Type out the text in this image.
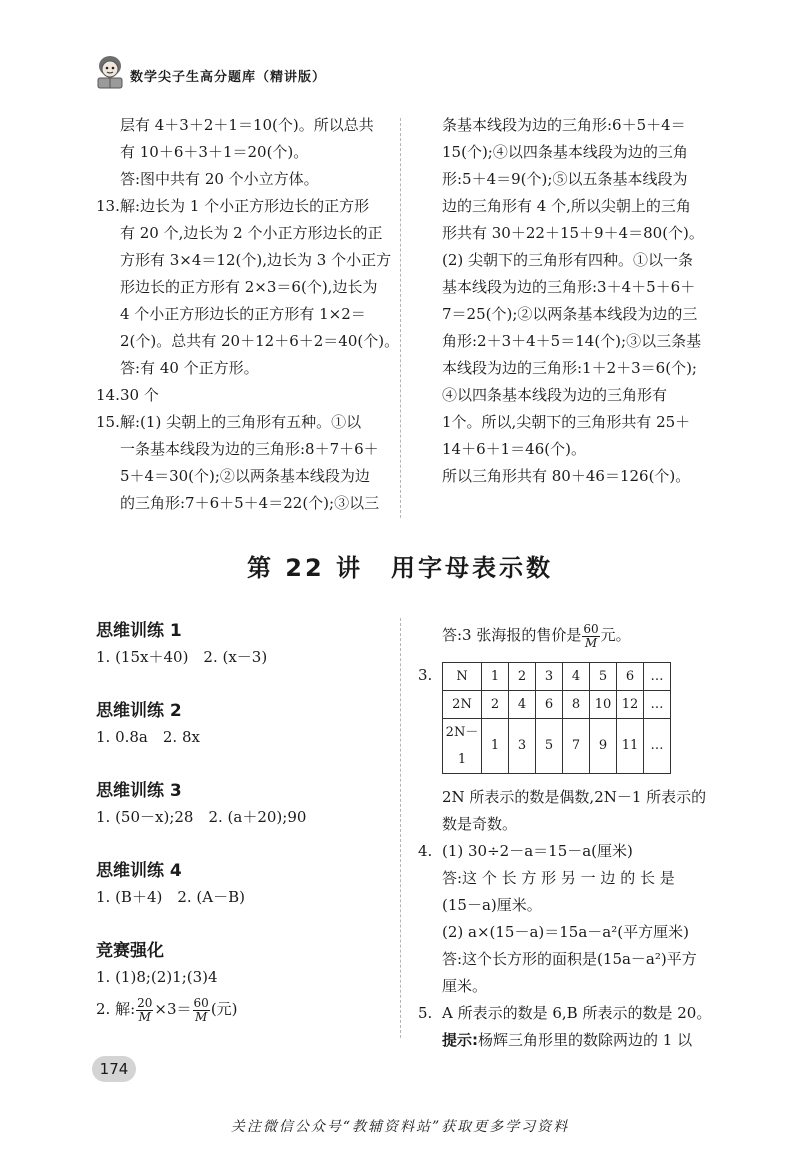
数学尖子生高分题库（精讲版）

层有 4＋3＋2＋1＝10(个)。所以总共

有 10＋6＋3＋1＝20(个)。

答:图中共有 20 个小立方体。

13. 解:边长为 1 个小正方形边长的正方形

有 20 个,边长为 2 个小正方形边长的正

方形有 3×4＝12(个),边长为 3 个小正方

形边长的正方形有 2×3＝6(个),边长为

4 个小正方形边长的正方形有 1×2＝

2(个)。总共有 20＋12＋6＋2＝40(个)。

答:有 40 个正方形。

14. 30 个

15. 解:(1) 尖朝上的三角形有五种。①以

一条基本线段为边的三角形:8＋7＋6＋

5＋4＝30(个);②以两条基本线段为边

的三角形:7＋6＋5＋4＝22(个);③以三

条基本线段为边的三角形:6＋5＋4＝

15(个);④以四条基本线段为边的三角

形:5＋4＝9(个);⑤以五条基本线段为

边的三角形有 4 个,所以尖朝上的三角

形共有 30＋22＋15＋9＋4＝80(个)。

(2) 尖朝下的三角形有四种。①以一条

基本线段为边的三角形:3＋4＋5＋6＋

7＝25(个);②以两条基本线段为边的三

角形:2＋3＋4＋5＝14(个);③以三条基

本线段为边的三角形:1＋2＋3＝6(个);

④以四条基本线段为边的三角形有

1个。所以,尖朝下的三角形共有 25＋

14＋6＋1＝46(个)。

所以三角形共有 80＋46＝126(个)。

第 22 讲 用字母表示数

思维训练 1

1. (15x＋40)　2. (x－3)

思维训练 2

1. 0.8a　2. 8x

思维训练 3

1. (50－x);28　2. (a＋20);90

思维训练 4

1. (B＋4)　2. (A－B)

竞赛强化

1. (1)8;(2)1;(3)4

2. 解: $\frac{20}{M} \times 3= \frac{60}{M}$ (元)

答:3 张海报的售价是 $\frac{60}{M}$ 元。

3.	N	1	2	3	4	5	6	…
2N	2	4	6	8	10	12	…
2N－1	1	3	5	7	9	11	…

2N 所表示的数是偶数,2N－1 所表示的

数是奇数。

4. (1) 30÷2－a＝15－a(厘米)

答:这 个 长 方 形 另 一 边 的 长 是

(15－a)厘米。

(2) a×(15－a)＝15a－a²(平方厘米)

答:这个长方形的面积是(15a－a²)平方

厘米。

5. A 所表示的数是 6,B 所表示的数是 20。

提示:杨辉三角形里的数除两边的 1 以

174
关注微信公众号“教辅资料站”获取更多学习资料
